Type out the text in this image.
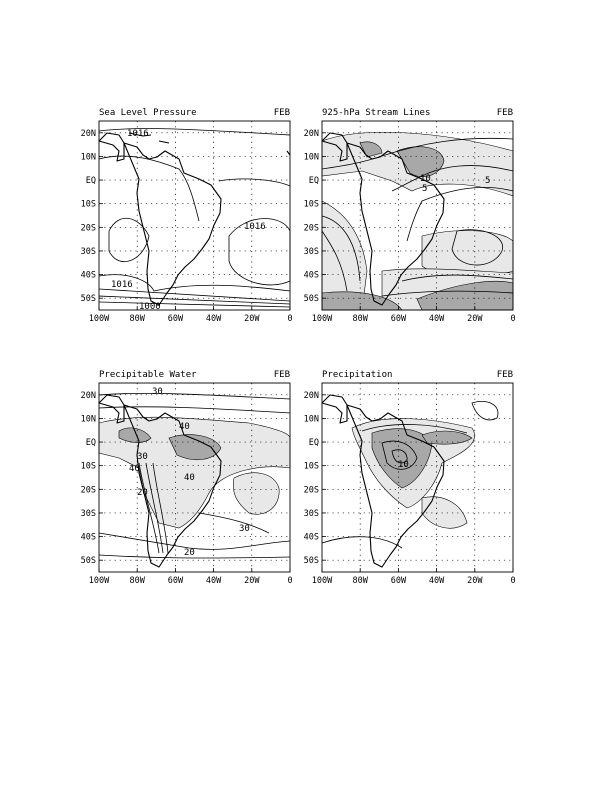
Sea Level Pressure	FEB
1016
1016
1016
1000
20N
10N
EQ
10S
20S
30S
40S
50S
100W 80W	60W	40W	20W	0
925-hPa Stream Lines	FEB
10
5
5
20N
10N
EQ
10S
20S
30S
40S
50S
100W 80W	60W	40W	20W	0
Precipitable Water	FEB
30
40
30
40
20
40
30
20
20N
10N
EQ
10S
20S
30S
40S
50S
100W 80W	60W	40W	20W	0
Precipitation	FEB
10
20N
10N
EQ
10S
20S
30S
40S
50S
100W 80W	60W	40W	20W	0
